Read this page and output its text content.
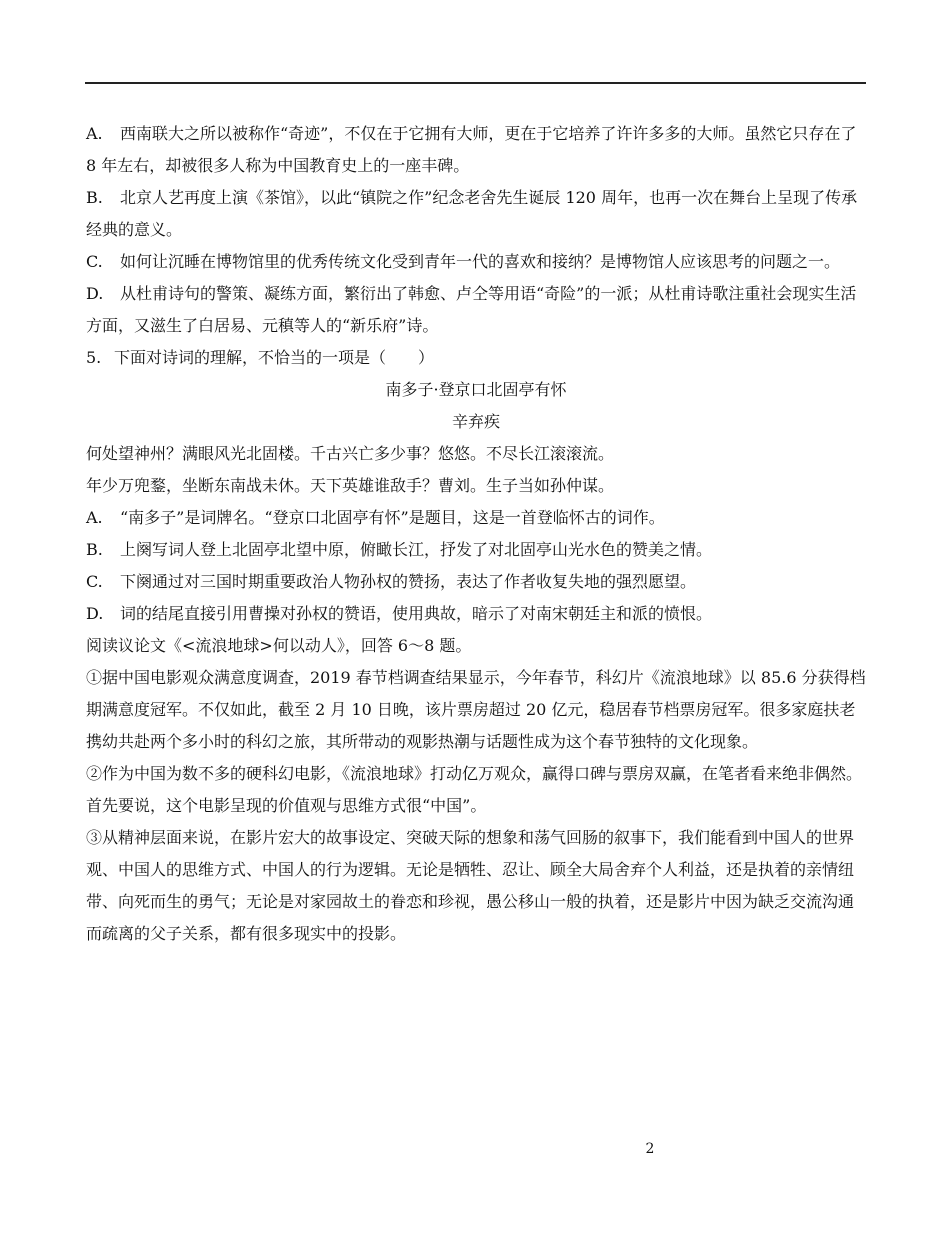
A. 西南联大之所以被称作“奇迹”，不仅在于它拥有大师，更在于它培养了许许多多的大师。虽然它只存在了 8 年左右，却被很多人称为中国教育史上的一座丰碑。

B. 北京人艺再度上演《茶馆》，以此“镇院之作”纪念老舍先生诞辰 120 周年，也再一次在舞台上呈现了传承经典的意义。

C. 如何让沉睡在博物馆里的优秀传统文化受到青年一代的喜欢和接纳？是博物馆人应该思考的问题之一。

D. 从杜甫诗句的警策、凝练方面，繁衍出了韩愈、卢仝等用语“奇险”的一派；从杜甫诗歌注重社会现实生活方面，又滋生了白居易、元稹等人的“新乐府”诗。

5. 下面对诗词的理解，不恰当的一项是（　　）

南多子·登京口北固亭有怀

辛弃疾

何处望神州？满眼风光北固楼。千古兴亡多少事？悠悠。不尽长江滚滚流。

年少万兜鍪，坐断东南战未休。天下英雄谁敌手？曹刘。生子当如孙仲谋。

A. “南多子”是词牌名。“登京口北固亭有怀”是题目，这是一首登临怀古的词作。

B. 上阕写词人登上北固亭北望中原，俯瞰长江，抒发了对北固亭山光水色的赞美之情。

C. 下阕通过对三国时期重要政治人物孙权的赞扬，表达了作者收复失地的强烈愿望。

D. 词的结尾直接引用曹操对孙权的赞语，使用典故，暗示了对南宋朝廷主和派的愤恨。

阅读议论文《<流浪地球>何以动人》，回答 6～8 题。

①据中国电影观众满意度调查，2019 春节档调查结果显示，今年春节，科幻片《流浪地球》以 85.6 分获得档期满意度冠军。不仅如此，截至 2 月 10 日晚，该片票房超过 20 亿元，稳居春节档票房冠军。很多家庭扶老携幼共赴两个多小时的科幻之旅，其所带动的观影热潮与话题性成为这个春节独特的文化现象。

②作为中国为数不多的硬科幻电影，《流浪地球》打动亿万观众，赢得口碑与票房双赢，在笔者看来绝非偶然。首先要说，这个电影呈现的价值观与思维方式很“中国”。

③从精神层面来说，在影片宏大的故事设定、突破天际的想象和荡气回肠的叙事下，我们能看到中国人的世界观、中国人的思维方式、中国人的行为逻辑。无论是牺牲、忍让、顾全大局舍弃个人利益，还是执着的亲情纽带、向死而生的勇气；无论是对家园故土的眷恋和珍视，愚公移山一般的执着，还是影片中因为缺乏交流沟通而疏离的父子关系，都有很多现实中的投影。

2
